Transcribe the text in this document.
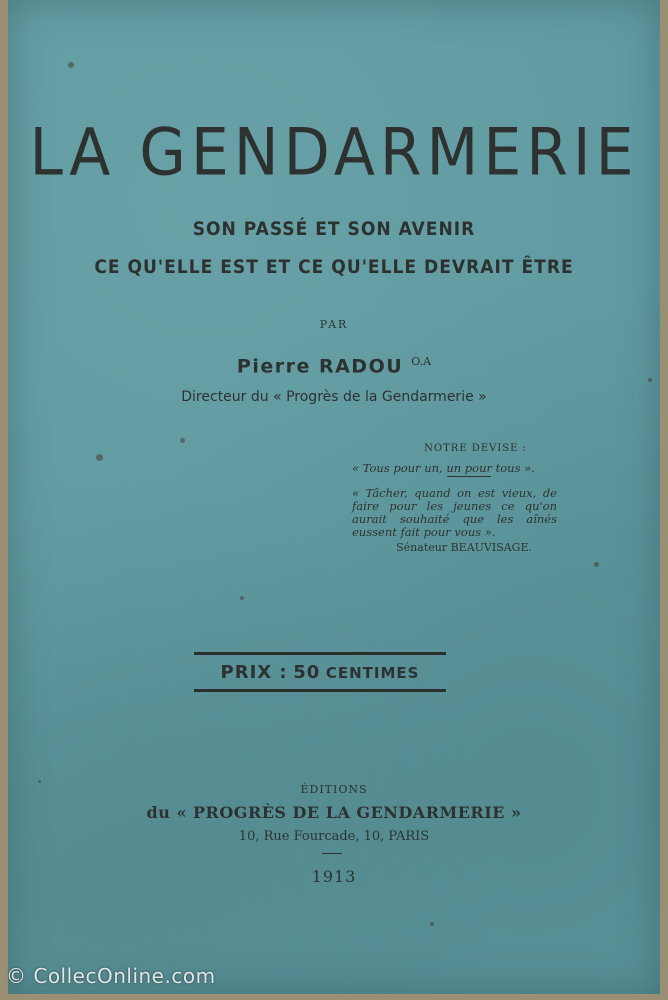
LA GENDARMERIE
SON PASSÉ ET SON AVENIR
CE QU'ELLE EST ET CE QU'ELLE DEVRAIT ÊTRE
PAR
Pierre RADOU $^{O.A}$
Directeur du « Progrès de la Gendarmerie »
NOTRE DEVISE :
« Tous pour un, un pour tous ».
« Tâcher, quand on est vieux, de faire pour les jeunes ce qu'on aurait souhaité que les aînés eussent fait pour vous ».
Sénateur BEAUVISAGE.
PRIX : 50 CENTIMES
ÉDITIONS
du « PROGRÈS DE LA GENDARMERIE »
10, Rue Fourcade, 10, PARIS
1913
© CollecOnline.com
